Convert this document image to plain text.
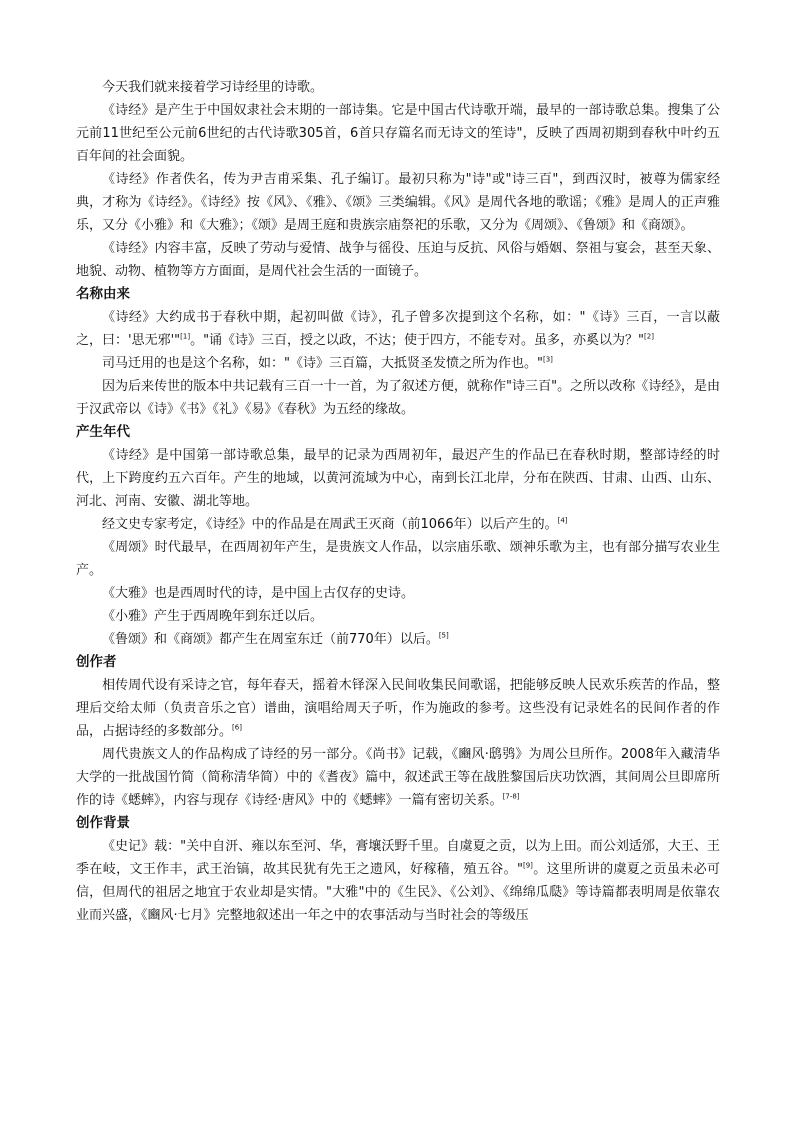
今天我们就来接着学习诗经里的诗歌。

《诗经》是产生于中国奴隶社会末期的一部诗集。它是中国古代诗歌开端，最早的一部诗歌总集。搜集了公元前11世纪至公元前6世纪的古代诗歌305首，6首只存篇名而无诗文的笙诗"，反映了西周初期到春秋中叶约五百年间的社会面貌。

《诗经》作者佚名，传为尹吉甫采集、孔子编订。最初只称为"诗"或"诗三百"，到西汉时，被尊为儒家经典，才称为《诗经》。《诗经》按《风》、《雅》、《颂》三类编辑。《风》是周代各地的歌谣；《雅》是周人的正声雅乐，又分《小雅》和《大雅》；《颂》是周王庭和贵族宗庙祭祀的乐歌，又分为《周颂》、《鲁颂》和《商颂》。

《诗经》内容丰富，反映了劳动与爱情、战争与徭役、压迫与反抗、风俗与婚姻、祭祖与宴会，甚至天象、地貌、动物、植物等方方面面，是周代社会生活的一面镜子。

名称由来

《诗经》大约成书于春秋中期，起初叫做《诗》，孔子曾多次提到这个名称，如："《诗》三百，一言以蔽之，曰：'思无邪'"[1]。"诵《诗》三百，授之以政，不达；使于四方，不能专对。虽多，亦奚以为？"[2]

司马迁用的也是这个名称，如："《诗》三百篇，大抵贤圣发愤之所为作也。"[3]

因为后来传世的版本中共记载有三百一十一首，为了叙述方便，就称作"诗三百"。之所以改称《诗经》，是由于汉武帝以《诗》《书》《礼》《易》《春秋》为五经的缘故。

产生年代

《诗经》是中国第一部诗歌总集，最早的记录为西周初年，最迟产生的作品已在春秋时期，整部诗经的时代，上下跨度约五六百年。产生的地域，以黄河流域为中心，南到长江北岸，分布在陕西、甘肃、山西、山东、河北、河南、安徽、湖北等地。

经文史专家考定，《诗经》中的作品是在周武王灭商（前1066年）以后产生的。[4]

《周颂》时代最早，在西周初年产生，是贵族文人作品，以宗庙乐歌、颂神乐歌为主，也有部分描写农业生产。

《大雅》也是西周时代的诗，是中国上古仅存的史诗。

《小雅》产生于西周晚年到东迁以后。

《鲁颂》和《商颂》都产生在周室东迁（前770年）以后。[5]

创作者

相传周代设有采诗之官，每年春天，摇着木铎深入民间收集民间歌谣，把能够反映人民欢乐疾苦的作品，整理后交给太师（负责音乐之官）谱曲，演唱给周天子听，作为施政的参考。这些没有记录姓名的民间作者的作品，占据诗经的多数部分。[6]

周代贵族文人的作品构成了诗经的另一部分。《尚书》记载，《豳风·鸱鸮》为周公旦所作。2008年入藏清华大学的一批战国竹简（简称清华简）中的《耆夜》篇中，叙述武王等在战胜黎国后庆功饮酒，其间周公旦即席所作的诗《蟋蟀》，内容与现存《诗经·唐风》中的《蟋蟀》一篇有密切关系。[7-8]

创作背景

《史记》载："关中自汧、雍以东至河、华，膏壤沃野千里。自虞夏之贡，以为上田。而公刘适邠，大王、王季在岐，文王作丰，武王治镐，故其民犹有先王之遗风，好稼穑，殖五谷。"[9]。这里所讲的虞夏之贡虽未必可信，但周代的祖居之地宜于农业却是实情。"大雅"中的《生民》、《公刘》、《绵绵瓜瓞》等诗篇都表明周是依靠农业而兴盛，《豳风·七月》完整地叙述出一年之中的农事活动与当时社会的等级压
